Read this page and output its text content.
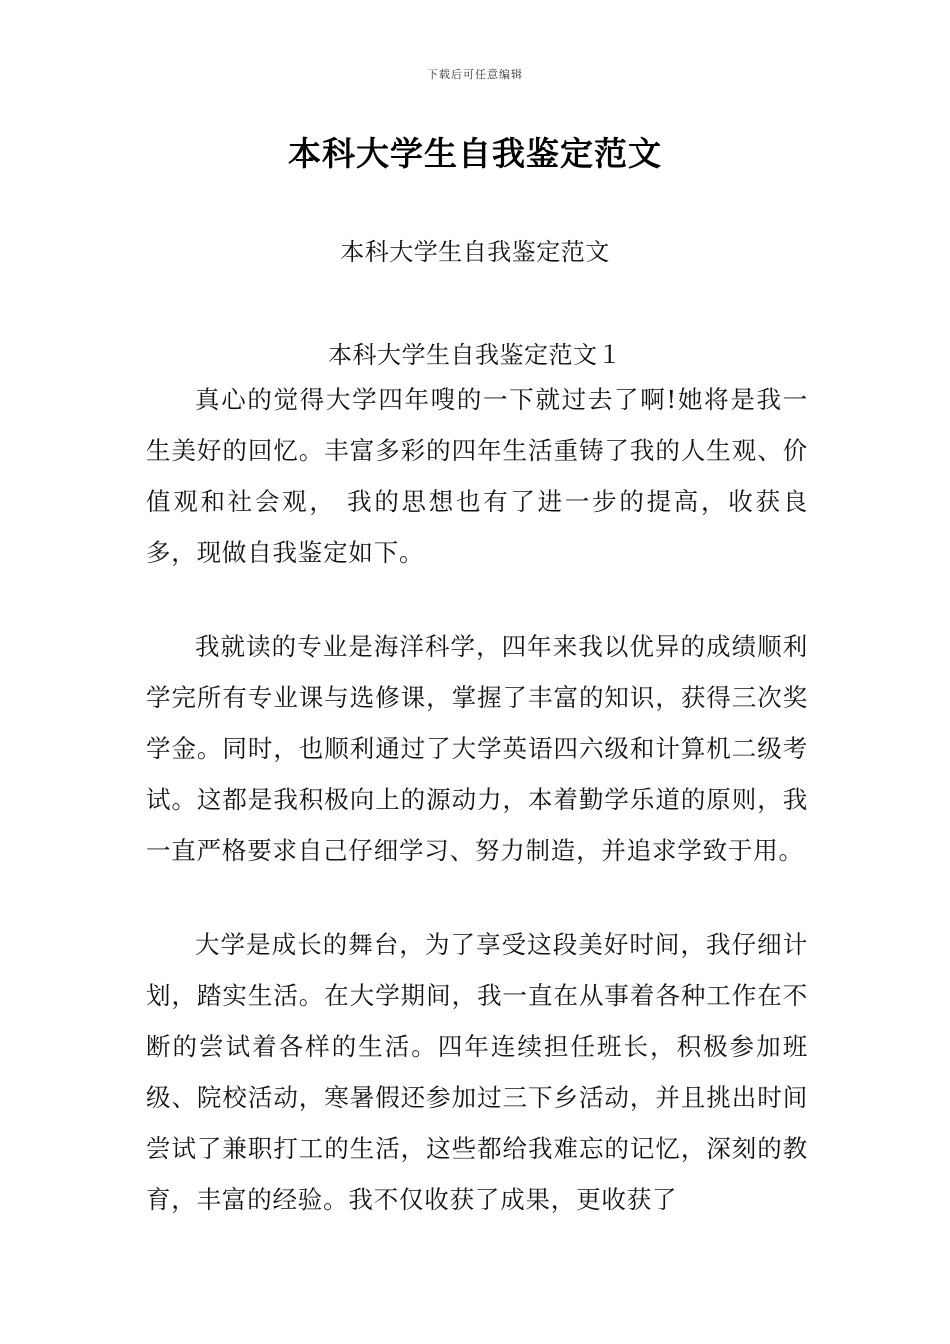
下载后可任意编辑
本科大学生自我鉴定范文
本科大学生自我鉴定范文
本科大学生自我鉴定范文１

真心的觉得大学四年嗖的一下就过去了啊!她将是我一生美好的回忆。丰富多彩的四年生活重铸了我的人生观、价值观和社会观， 我的思想也有了进一步的提高，收获良多，现做自我鉴定如下。

我就读的专业是海洋科学，四年来我以优异的成绩顺利学完所有专业课与选修课，掌握了丰富的知识，获得三次奖学金。同时，也顺利通过了大学英语四六级和计算机二级考试。这都是我积极向上的源动力，本着勤学乐道的原则，我一直严格要求自己仔细学习、努力制造，并追求学致于用。

大学是成长的舞台，为了享受这段美好时间，我仔细计划，踏实生活。在大学期间，我一直在从事着各种工作在不断的尝试着各样的生活。四年连续担任班长，积极参加班级、院校活动，寒暑假还参加过三下乡活动，并且挑出时间尝试了兼职打工的生活，这些都给我难忘的记忆，深刻的教育，丰富的经验。我不仅收获了成果，更收获了
